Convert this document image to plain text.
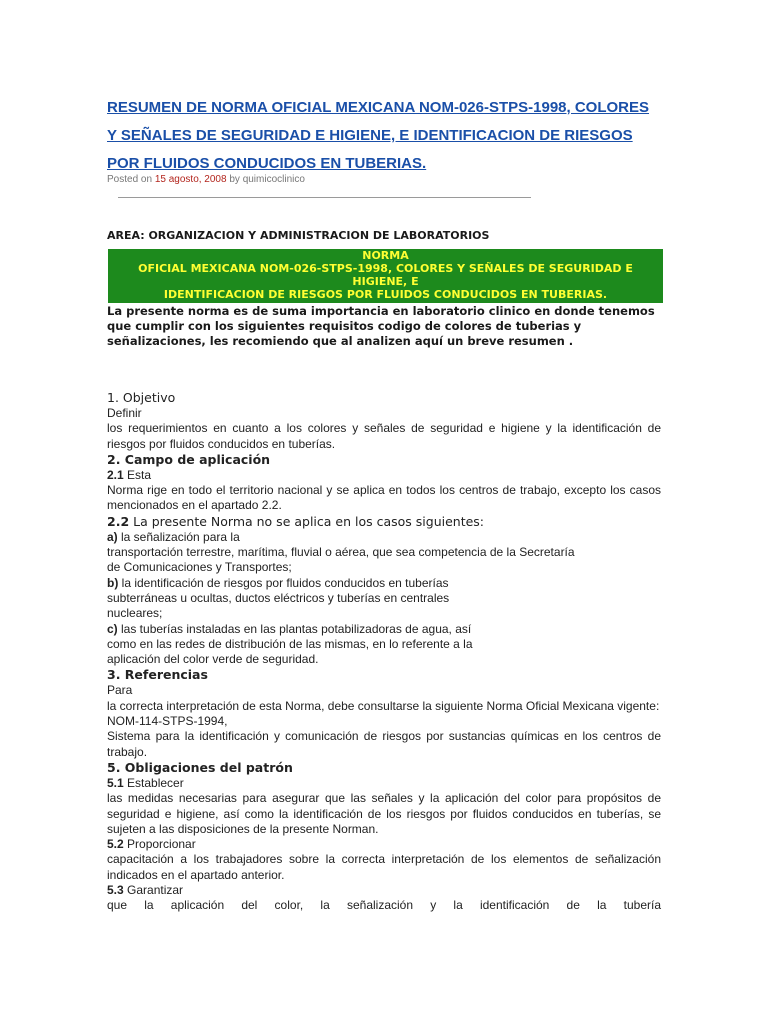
RESUMEN DE NORMA OFICIAL MEXICANA NOM-026-STPS-1998, COLORES
Y SEÑALES DE SEGURIDAD E HIGIENE, E IDENTIFICACION DE RIESGOS
POR FLUIDOS CONDUCIDOS EN TUBERIAS.
Posted on 15 agosto, 2008 by quimicoclinico
AREA: ORGANIZACION Y ADMINISTRACION DE LABORATORIOS
NORMA
OFICIAL MEXICANA NOM-026-STPS-1998, COLORES Y SEÑALES DE SEGURIDAD E
HIGIENE, E
IDENTIFICACION DE RIESGOS POR FLUIDOS CONDUCIDOS EN TUBERIAS.
La presente norma es de suma importancia en laboratorio clinico en donde tenemos que cumplir con los siguientes requisitos codigo de colores de tuberias y señalizaciones, les recomiendo que al analizen aquí un breve resumen .

1. Objetivo

Definir

los requerimientos en cuanto a los colores y señales de seguridad e higiene y la identificación de riesgos por fluidos conducidos en tuberías.

2. Campo de aplicación

2.1 Esta

Norma rige en todo el territorio nacional y se aplica en todos los centros de trabajo, excepto los casos mencionados en el apartado 2.2.

2.2 La presente Norma no se aplica en los casos siguientes:

a) la señalización para la

transportación terrestre, marítima, fluvial o aérea, que sea competencia de la Secretaría

de Comunicaciones y Transportes;

b) la identificación de riesgos por fluidos conducidos en tuberías

subterráneas u ocultas, ductos eléctricos y tuberías en centrales

nucleares;

c) las tuberías instaladas en las plantas potabilizadoras de agua, así

como en las redes de distribución de las mismas, en lo referente a la

aplicación del color verde de seguridad.

3. Referencias

Para

la correcta interpretación de esta Norma, debe consultarse la siguiente Norma Oficial Mexicana vigente:

NOM-114-STPS-1994,

Sistema para la identificación y comunicación de riesgos por sustancias químicas en los centros de trabajo.

5. Obligaciones del patrón

5.1 Establecer

las medidas necesarias para asegurar que las señales y la aplicación del color para propósitos de seguridad e higiene, así como la identificación de los riesgos por fluidos conducidos en tuberías, se sujeten a las disposiciones de la presente Norman.

5.2 Proporcionar

capacitación a los trabajadores sobre la correcta interpretación de los elementos de señalización indicados en el apartado anterior.

5.3 Garantizar

que la aplicación del color, la señalización y la identificación de la tubería
